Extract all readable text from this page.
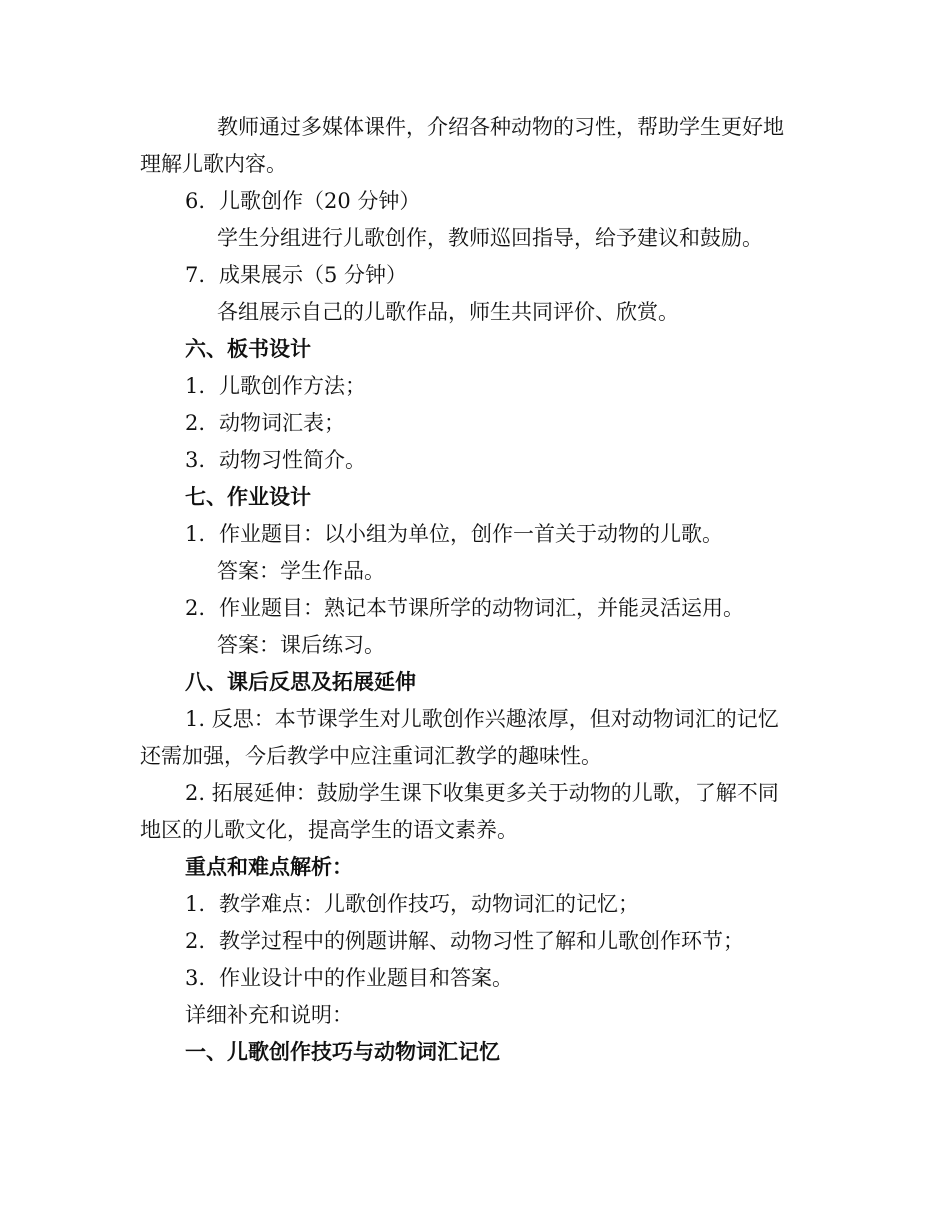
教师通过多媒体课件，介绍各种动物的习性，帮助学生更好地
理解儿歌内容。
6. 儿歌创作（20 分钟）
学生分组进行儿歌创作，教师巡回指导，给予建议和鼓励。
7. 成果展示（5 分钟）
各组展示自己的儿歌作品，师生共同评价、欣赏。
六、板书设计
1. 儿歌创作方法；
2. 动物词汇表；
3. 动物习性简介。
七、作业设计
1. 作业题目：以小组为单位，创作一首关于动物的儿歌。
答案：学生作品。
2. 作业题目：熟记本节课所学的动物词汇，并能灵活运用。
答案：课后练习。
八、课后反思及拓展延伸
1. 反思：本节课学生对儿歌创作兴趣浓厚，但对动物词汇的记忆
还需加强，今后教学中应注重词汇教学的趣味性。
2. 拓展延伸：鼓励学生课下收集更多关于动物的儿歌，了解不同
地区的儿歌文化，提高学生的语文素养。
重点和难点解析：
1. 教学难点：儿歌创作技巧，动物词汇的记忆；
2. 教学过程中的例题讲解、动物习性了解和儿歌创作环节；
3. 作业设计中的作业题目和答案。
详细补充和说明：
一、儿歌创作技巧与动物词汇记忆
